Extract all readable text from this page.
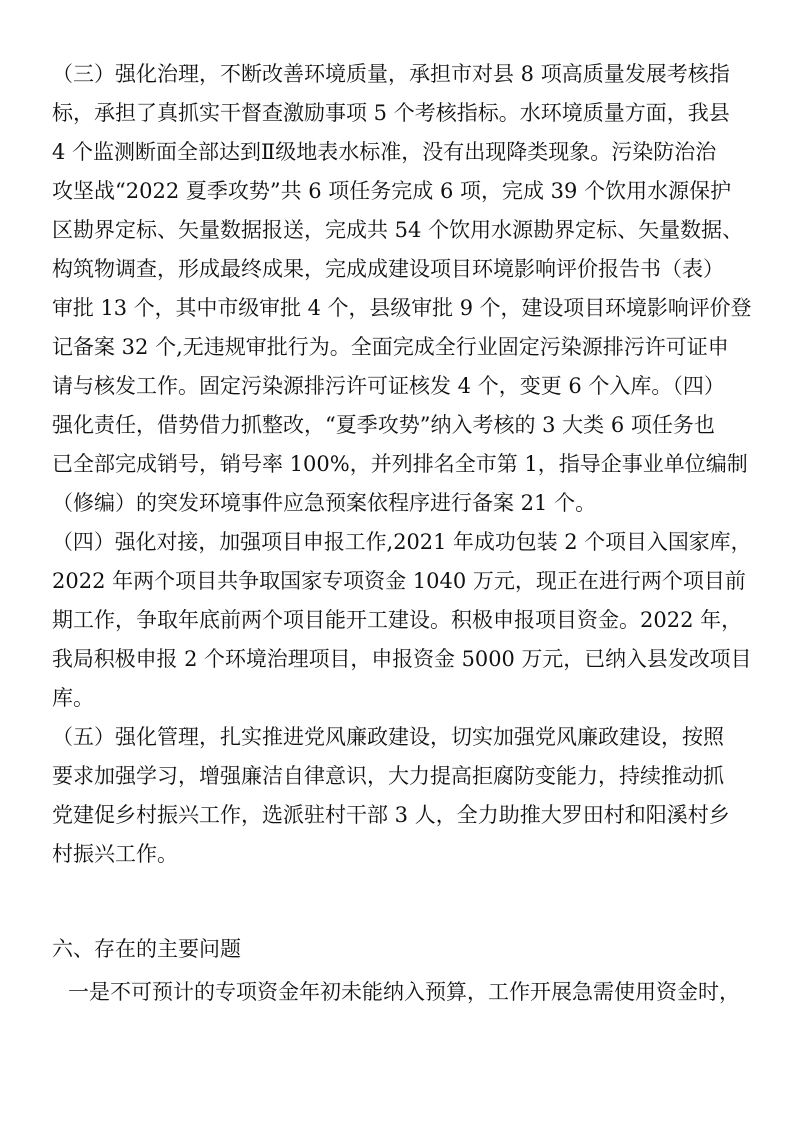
（三）强化治理，不断改善环境质量，承担市对县 8 项高质量发展考核指
标，承担了真抓实干督查激励事项 5 个考核指标。水环境质量方面，我县
4 个监测断面全部达到Ⅱ级地表水标准，没有出现降类现象。污染防治治
攻坚战“2022 夏季攻势”共 6 项任务完成 6 项，完成 39 个饮用水源保护
区勘界定标、矢量数据报送，完成共 54 个饮用水源勘界定标、矢量数据、
构筑物调查，形成最终成果，完成成建设项目环境影响评价报告书（表）
审批 13 个，其中市级审批 4 个，县级审批 9 个，建设项目环境影响评价登
记备案 32 个,无违规审批行为。全面完成全行业固定污染源排污许可证申
请与核发工作。固定污染源排污许可证核发 4 个，变更 6 个入库。（四）
强化责任，借势借力抓整改，“夏季攻势”纳入考核的 3 大类 6 项任务也
已全部完成销号，销号率 100%，并列排名全市第 1，指导企事业单位编制
（修编）的突发环境事件应急预案依程序进行备案 21 个。
（四）强化对接，加强项目申报工作,2021 年成功包装 2 个项目入国家库，
2022 年两个项目共争取国家专项资金 1040 万元，现正在进行两个项目前
期工作，争取年底前两个项目能开工建设。积极申报项目资金。2022 年，
我局积极申报 2 个环境治理项目，申报资金 5000 万元，已纳入县发改项目
库。
（五）强化管理，扎实推进党风廉政建设，切实加强党风廉政建设，按照
要求加强学习，增强廉洁自律意识，大力提高拒腐防变能力，持续推动抓
党建促乡村振兴工作，选派驻村干部 3 人，全力助推大罗田村和阳溪村乡
村振兴工作。
六、存在的主要问题
一是不可预计的专项资金年初未能纳入预算，工作开展急需使用资金时，
